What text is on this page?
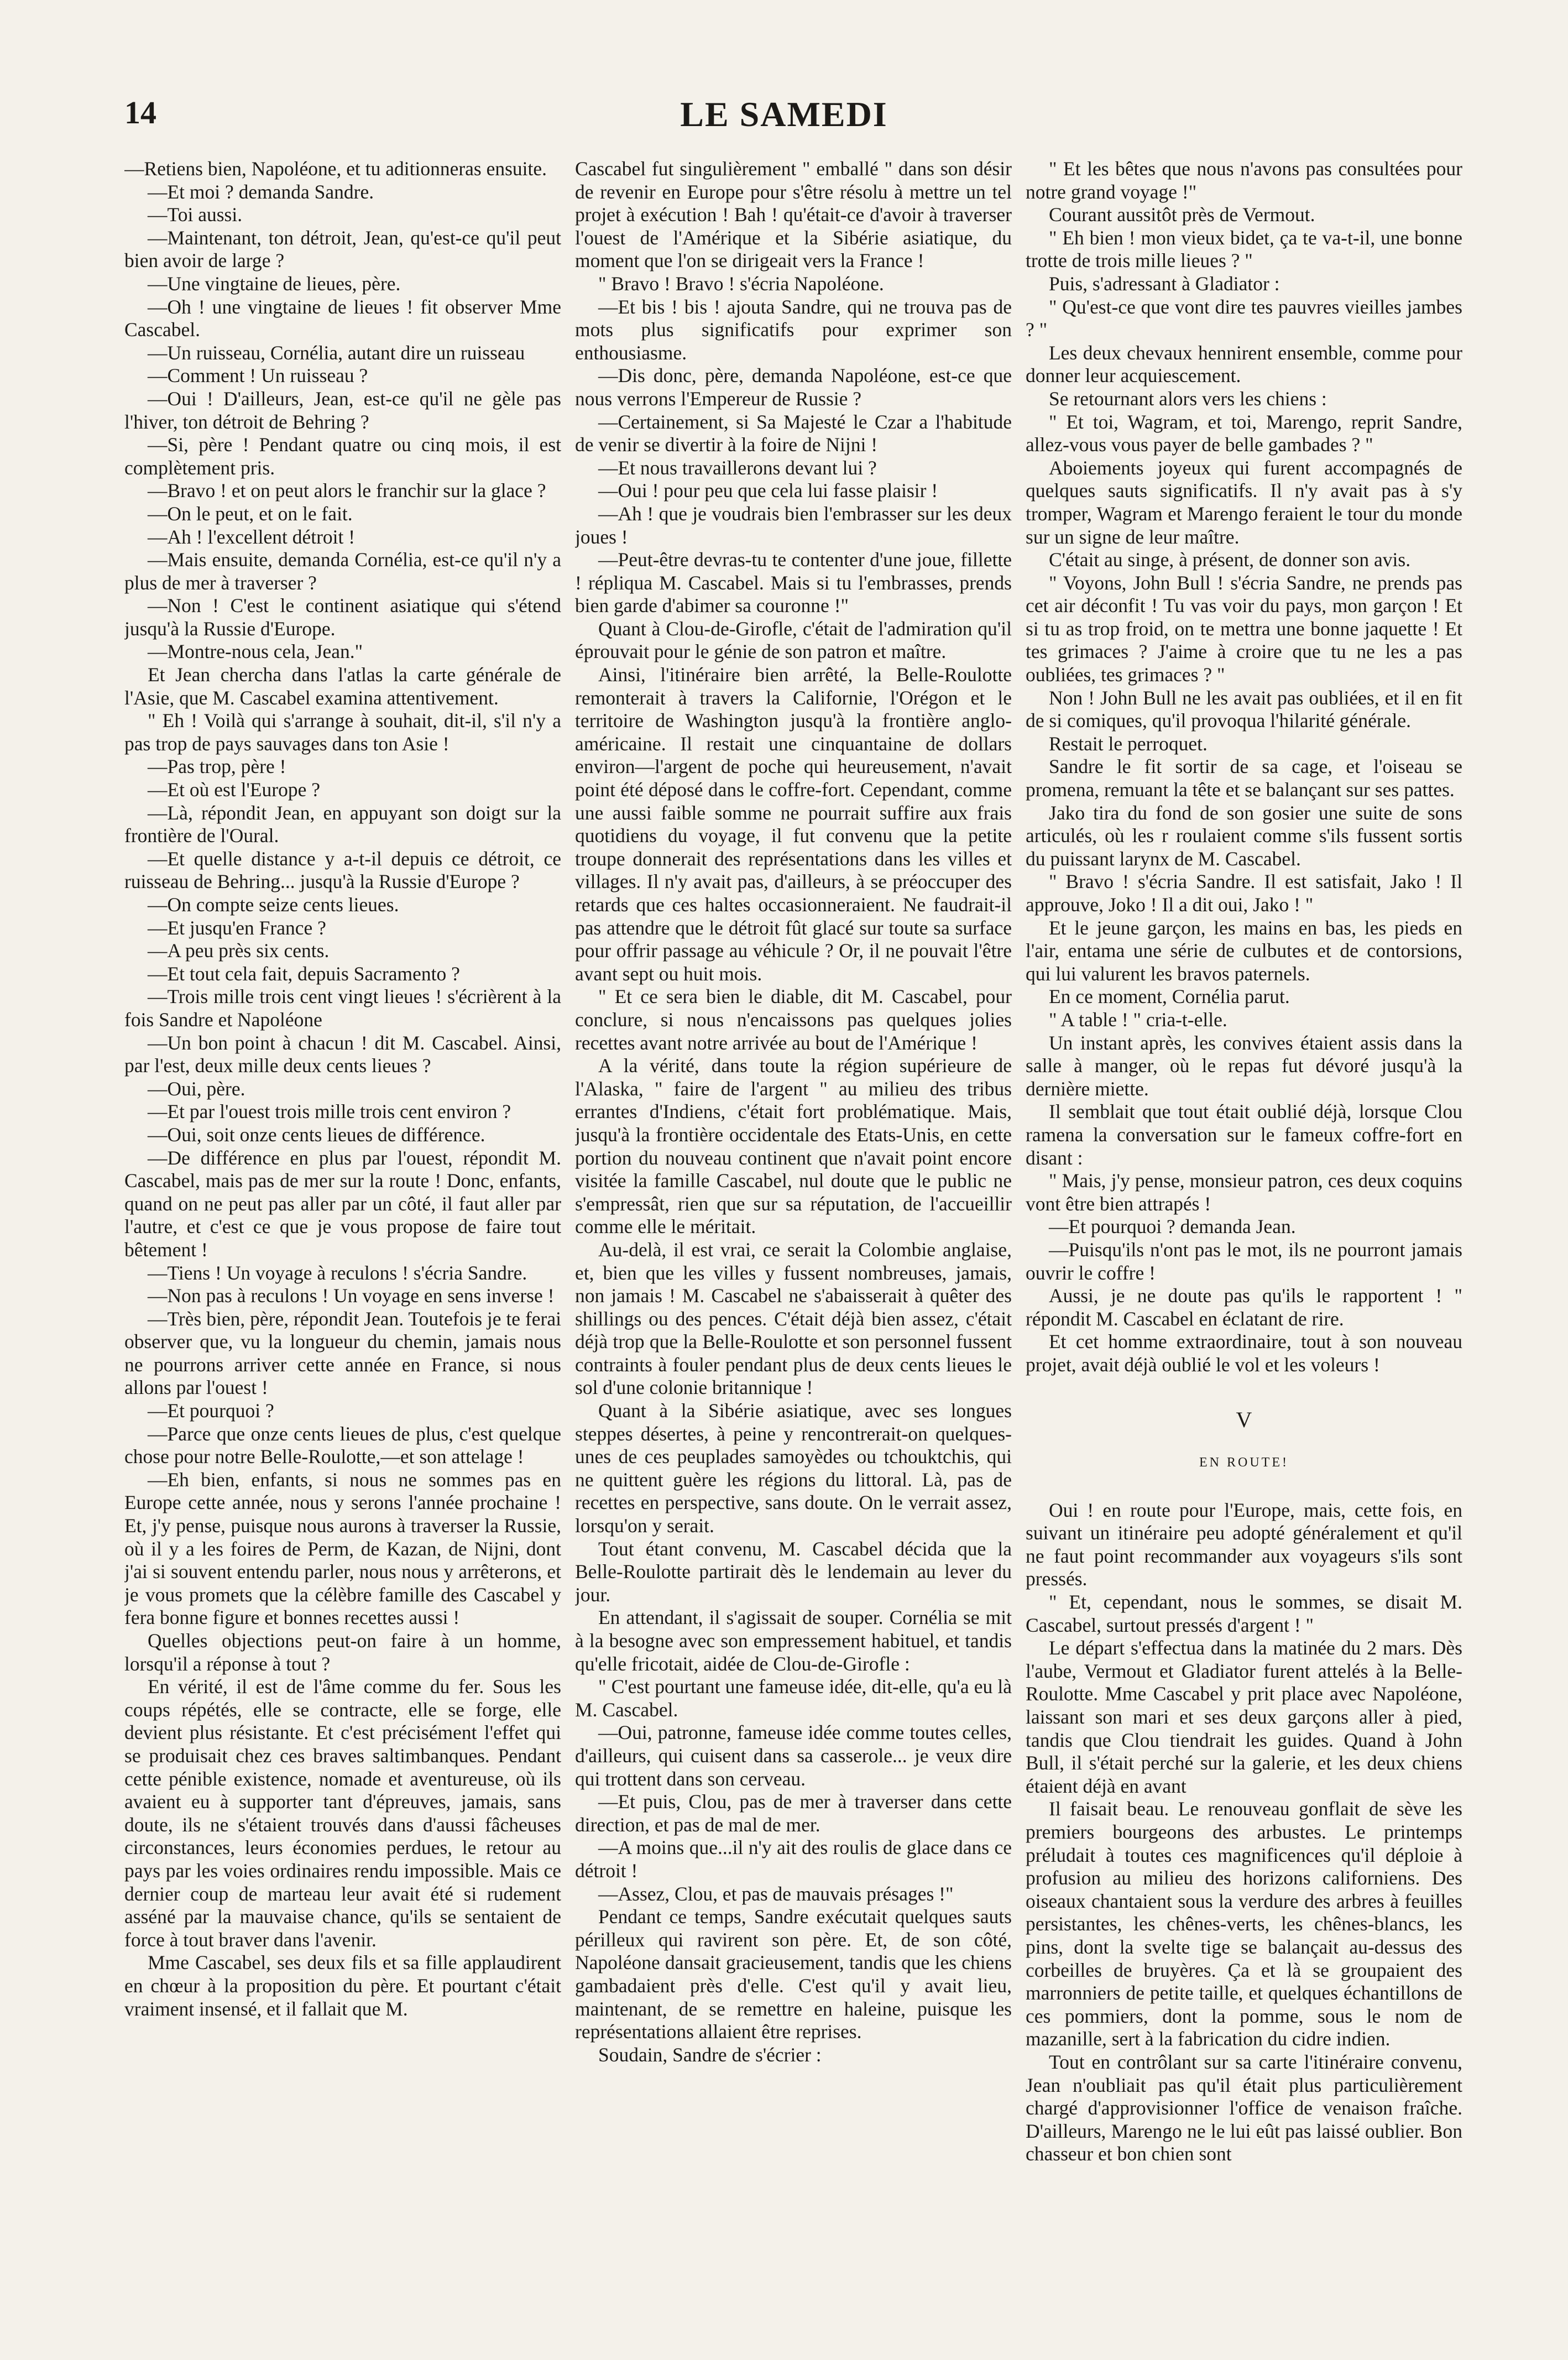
14	LE SAMEDI

—Retiens bien, Napoléone, et tu aditionneras ensuite.

—Et moi ? demanda Sandre.

—Toi aussi.

—Maintenant, ton détroit, Jean, qu'est-ce qu'il peut bien avoir de large ?

—Une vingtaine de lieues, père.

—Oh ! une vingtaine de lieues ! fit observer Mme Cascabel.

—Un ruisseau, Cornélia, autant dire un ruisseau

—Comment ! Un ruisseau ?

—Oui ! D'ailleurs, Jean, est-ce qu'il ne gèle pas l'hiver, ton détroit de Behring ?

—Si, père ! Pendant quatre ou cinq mois, il est complètement pris.

—Bravo ! et on peut alors le franchir sur la glace ?

—On le peut, et on le fait.

—Ah ! l'excellent détroit !

—Mais ensuite, demanda Cornélia, est-ce qu'il n'y a plus de mer à traverser ?

—Non ! C'est le continent asiatique qui s'étend jusqu'à la Russie d'Europe.

—Montre-nous cela, Jean."

Et Jean chercha dans l'atlas la carte générale de l'Asie, que M. Cascabel examina attentivement.

" Eh ! Voilà qui s'arrange à souhait, dit-il, s'il n'y a pas trop de pays sauvages dans ton Asie !

—Pas trop, père !

—Et où est l'Europe ?

—Là, répondit Jean, en appuyant son doigt sur la frontière de l'Oural.

—Et quelle distance y a-t-il depuis ce détroit, ce ruisseau de Behring... jusqu'à la Russie d'Europe ?

—On compte seize cents lieues.

—Et jusqu'en France ?

—A peu près six cents.

—Et tout cela fait, depuis Sacramento ?

—Trois mille trois cent vingt lieues ! s'écrièrent à la fois Sandre et Napoléone

—Un bon point à chacun ! dit M. Cascabel. Ainsi, par l'est, deux mille deux cents lieues ?

—Oui, père.

—Et par l'ouest trois mille trois cent environ ?

—Oui, soit onze cents lieues de différence.

—De différence en plus par l'ouest, répondit M. Cascabel, mais pas de mer sur la route ! Donc, enfants, quand on ne peut pas aller par un côté, il faut aller par l'autre, et c'est ce que je vous propose de faire tout bêtement !

—Tiens ! Un voyage à reculons ! s'écria Sandre.

—Non pas à reculons ! Un voyage en sens inverse !

—Très bien, père, répondit Jean. Toutefois je te ferai observer que, vu la longueur du chemin, jamais nous ne pourrons arriver cette année en France, si nous allons par l'ouest !

—Et pourquoi ?

—Parce que onze cents lieues de plus, c'est quelque chose pour notre Belle-Roulotte,—et son attelage !

—Eh bien, enfants, si nous ne sommes pas en Europe cette année, nous y serons l'année prochaine ! Et, j'y pense, puisque nous aurons à traverser la Russie, où il y a les foires de Perm, de Kazan, de Nijni, dont j'ai si souvent entendu parler, nous nous y arrêterons, et je vous promets que la célèbre famille des Cascabel y fera bonne figure et bonnes recettes aussi !

Quelles objections peut-on faire à un homme, lorsqu'il a réponse à tout ?

En vérité, il est de l'âme comme du fer. Sous les coups répétés, elle se contracte, elle se forge, elle devient plus résistante. Et c'est précisément l'effet qui se produisait chez ces braves saltimbanques. Pendant cette pénible existence, nomade et aventureuse, où ils avaient eu à supporter tant d'épreuves, jamais, sans doute, ils ne s'étaient trouvés dans d'aussi fâcheuses circonstances, leurs économies perdues, le retour au pays par les voies ordinaires rendu impossible. Mais ce dernier coup de marteau leur avait été si rudement asséné par la mauvaise chance, qu'ils se sentaient de force à tout braver dans l'avenir.

Mme Cascabel, ses deux fils et sa fille applaudirent en chœur à la proposition du père. Et pourtant c'était vraiment insensé, et il fallait que M.

Cascabel fut singulièrement " emballé " dans son désir de revenir en Europe pour s'être résolu à mettre un tel projet à exécution ! Bah ! qu'était-ce d'avoir à traverser l'ouest de l'Amérique et la Sibérie asiatique, du moment que l'on se dirigeait vers la France !

" Bravo ! Bravo ! s'écria Napoléone.

—Et bis ! bis ! ajouta Sandre, qui ne trouva pas de mots plus significatifs pour exprimer son enthousiasme.

—Dis donc, père, demanda Napoléone, est-ce que nous verrons l'Empereur de Russie ?

—Certainement, si Sa Majesté le Czar a l'habitude de venir se divertir à la foire de Nijni !

—Et nous travaillerons devant lui ?

—Oui ! pour peu que cela lui fasse plaisir !

—Ah ! que je voudrais bien l'embrasser sur les deux joues !

—Peut-être devras-tu te contenter d'une joue, fillette ! répliqua M. Cascabel. Mais si tu l'embrasses, prends bien garde d'abimer sa couronne !"

Quant à Clou-de-Girofle, c'était de l'admiration qu'il éprouvait pour le génie de son patron et maître.

Ainsi, l'itinéraire bien arrêté, la Belle-Roulotte remonterait à travers la Californie, l'Orégon et le territoire de Washington jusqu'à la frontière anglo-américaine. Il restait une cinquantaine de dollars environ—l'argent de poche qui heureusement, n'avait point été déposé dans le coffre-fort. Cependant, comme une aussi faible somme ne pourrait suffire aux frais quotidiens du voyage, il fut convenu que la petite troupe donnerait des représentations dans les villes et villages. Il n'y avait pas, d'ailleurs, à se préoccuper des retards que ces haltes occasionneraient. Ne faudrait-il pas attendre que le détroit fût glacé sur toute sa surface pour offrir passage au véhicule ? Or, il ne pouvait l'être avant sept ou huit mois.

" Et ce sera bien le diable, dit M. Cascabel, pour conclure, si nous n'encaissons pas quelques jolies recettes avant notre arrivée au bout de l'Amérique !

A la vérité, dans toute la région supérieure de l'Alaska, " faire de l'argent " au milieu des tribus errantes d'Indiens, c'était fort problématique. Mais, jusqu'à la frontière occidentale des Etats-Unis, en cette portion du nouveau continent que n'avait point encore visitée la famille Cascabel, nul doute que le public ne s'empressât, rien que sur sa réputation, de l'accueillir comme elle le méritait.

Au-delà, il est vrai, ce serait la Colombie anglaise, et, bien que les villes y fussent nombreuses, jamais, non jamais ! M. Cascabel ne s'abaisserait à quêter des shillings ou des pences. C'était déjà bien assez, c'était déjà trop que la Belle-Roulotte et son personnel fussent contraints à fouler pendant plus de deux cents lieues le sol d'une colonie britannique !

Quant à la Sibérie asiatique, avec ses longues steppes désertes, à peine y rencontrerait-on quelques-unes de ces peuplades samoyèdes ou tchouktchis, qui ne quittent guère les régions du littoral. Là, pas de recettes en perspective, sans doute. On le verrait assez, lorsqu'on y serait.

Tout étant convenu, M. Cascabel décida que la Belle-Roulotte partirait dès le lendemain au lever du jour.

En attendant, il s'agissait de souper. Cornélia se mit à la besogne avec son empressement habituel, et tandis qu'elle fricotait, aidée de Clou-de-Girofle :

" C'est pourtant une fameuse idée, dit-elle, qu'a eu là M. Cascabel.

—Oui, patronne, fameuse idée comme toutes celles, d'ailleurs, qui cuisent dans sa casserole... je veux dire qui trottent dans son cerveau.

—Et puis, Clou, pas de mer à traverser dans cette direction, et pas de mal de mer.

—A moins que...il n'y ait des roulis de glace dans ce détroit !

—Assez, Clou, et pas de mauvais présages !"

Pendant ce temps, Sandre exécutait quelques sauts périlleux qui ravirent son père. Et, de son côté, Napoléone dansait gracieusement, tandis que les chiens gambadaient près d'elle. C'est qu'il y avait lieu, maintenant, de se remettre en haleine, puisque les représentations allaient être reprises.

Soudain, Sandre de s'écrier :

" Et les bêtes que nous n'avons pas consultées pour notre grand voyage !"

Courant aussitôt près de Vermout.

" Eh bien ! mon vieux bidet, ça te va-t-il, une bonne trotte de trois mille lieues ? "

Puis, s'adressant à Gladiator :

" Qu'est-ce que vont dire tes pauvres vieilles jambes ? "

Les deux chevaux hennirent ensemble, comme pour donner leur acquiescement.

Se retournant alors vers les chiens :

" Et toi, Wagram, et toi, Marengo, reprit Sandre, allez-vous vous payer de belle gambades ? "

Aboiements joyeux qui furent accompagnés de quelques sauts significatifs. Il n'y avait pas à s'y tromper, Wagram et Marengo feraient le tour du monde sur un signe de leur maître.

C'était au singe, à présent, de donner son avis.

" Voyons, John Bull ! s'écria Sandre, ne prends pas cet air déconfit ! Tu vas voir du pays, mon garçon ! Et si tu as trop froid, on te mettra une bonne jaquette ! Et tes grimaces ? J'aime à croire que tu ne les a pas oubliées, tes grimaces ? "

Non ! John Bull ne les avait pas oubliées, et il en fit de si comiques, qu'il provoqua l'hilarité générale.

Restait le perroquet.

Sandre le fit sortir de sa cage, et l'oiseau se promena, remuant la tête et se balançant sur ses pattes.

Jako tira du fond de son gosier une suite de sons articulés, où les r roulaient comme s'ils fussent sortis du puissant larynx de M. Cascabel.

" Bravo ! s'écria Sandre. Il est satisfait, Jako ! Il approuve, Joko ! Il a dit oui, Jako ! "

Et le jeune garçon, les mains en bas, les pieds en l'air, entama une série de culbutes et de contorsions, qui lui valurent les bravos paternels.

En ce moment, Cornélia parut.

" A table ! " cria-t-elle.

Un instant après, les convives étaient assis dans la salle à manger, où le repas fut dévoré jusqu'à la dernière miette.

Il semblait que tout était oublié déjà, lorsque Clou ramena la conversation sur le fameux coffre-fort en disant :

" Mais, j'y pense, monsieur patron, ces deux coquins vont être bien attrapés !

—Et pourquoi ? demanda Jean.

—Puisqu'ils n'ont pas le mot, ils ne pourront jamais ouvrir le coffre !

Aussi, je ne doute pas qu'ils le rapportent ! " répondit M. Cascabel en éclatant de rire.

Et cet homme extraordinaire, tout à son nouveau projet, avait déjà oublié le vol et les voleurs !

V
EN ROUTE!

Oui ! en route pour l'Europe, mais, cette fois, en suivant un itinéraire peu adopté généralement et qu'il ne faut point recommander aux voyageurs s'ils sont pressés.

" Et, cependant, nous le sommes, se disait M. Cascabel, surtout pressés d'argent ! "

Le départ s'effectua dans la matinée du 2 mars. Dès l'aube, Vermout et Gladiator furent attelés à la Belle-Roulotte. Mme Cascabel y prit place avec Napoléone, laissant son mari et ses deux garçons aller à pied, tandis que Clou tiendrait les guides. Quand à John Bull, il s'était perché sur la galerie, et les deux chiens étaient déjà en avant

Il faisait beau. Le renouveau gonflait de sève les premiers bourgeons des arbustes. Le printemps préludait à toutes ces magnificences qu'il déploie à profusion au milieu des horizons californiens. Des oiseaux chantaient sous la verdure des arbres à feuilles persistantes, les chênes-verts, les chênes-blancs, les pins, dont la svelte tige se balançait au-dessus des corbeilles de bruyères. Ça et là se groupaient des marronniers de petite taille, et quelques échantillons de ces pommiers, dont la pomme, sous le nom de mazanille, sert à la fabrication du cidre indien.

Tout en contrôlant sur sa carte l'itinéraire convenu, Jean n'oubliait pas qu'il était plus particulièrement chargé d'approvisionner l'office de venaison fraîche. D'ailleurs, Marengo ne le lui eût pas laissé oublier. Bon chasseur et bon chien sont
